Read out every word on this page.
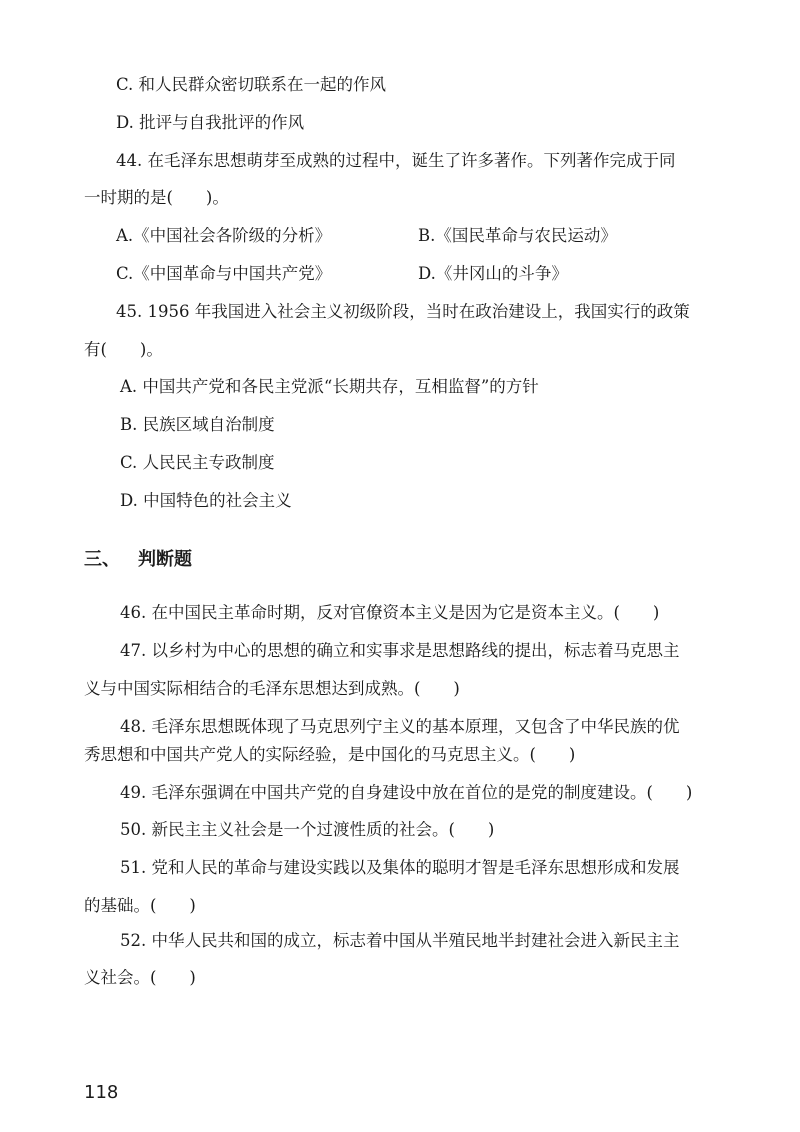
C. 和人民群众密切联系在一起的作风

D. 批评与自我批评的作风

44. 在毛泽东思想萌芽至成熟的过程中，诞生了许多著作。下列著作完成于同

一时期的是(　　)。

A.《中国社会各阶级的分析》	B.《国民革命与农民运动》

C.《中国革命与中国共产党》	D.《井冈山的斗争》

45. 1956 年我国进入社会主义初级阶段，当时在政治建设上，我国实行的政策

有(　　)。

A. 中国共产党和各民主党派“长期共存，互相监督”的方针

B. 民族区域自治制度

C. 人民民主专政制度

D. 中国特色的社会主义

三、 判断题

46. 在中国民主革命时期，反对官僚资本主义是因为它是资本主义。(　　)

47. 以乡村为中心的思想的确立和实事求是思想路线的提出，标志着马克思主

义与中国实际相结合的毛泽东思想达到成熟。(　　)

48. 毛泽东思想既体现了马克思列宁主义的基本原理，又包含了中华民族的优

秀思想和中国共产党人的实际经验，是中国化的马克思主义。(　　)

49. 毛泽东强调在中国共产党的自身建设中放在首位的是党的制度建设。(　　)

50. 新民主主义社会是一个过渡性质的社会。(　　)

51. 党和人民的革命与建设实践以及集体的聪明才智是毛泽东思想形成和发展

的基础。(　　)

52. 中华人民共和国的成立，标志着中国从半殖民地半封建社会进入新民主主

义社会。(　　)

118
